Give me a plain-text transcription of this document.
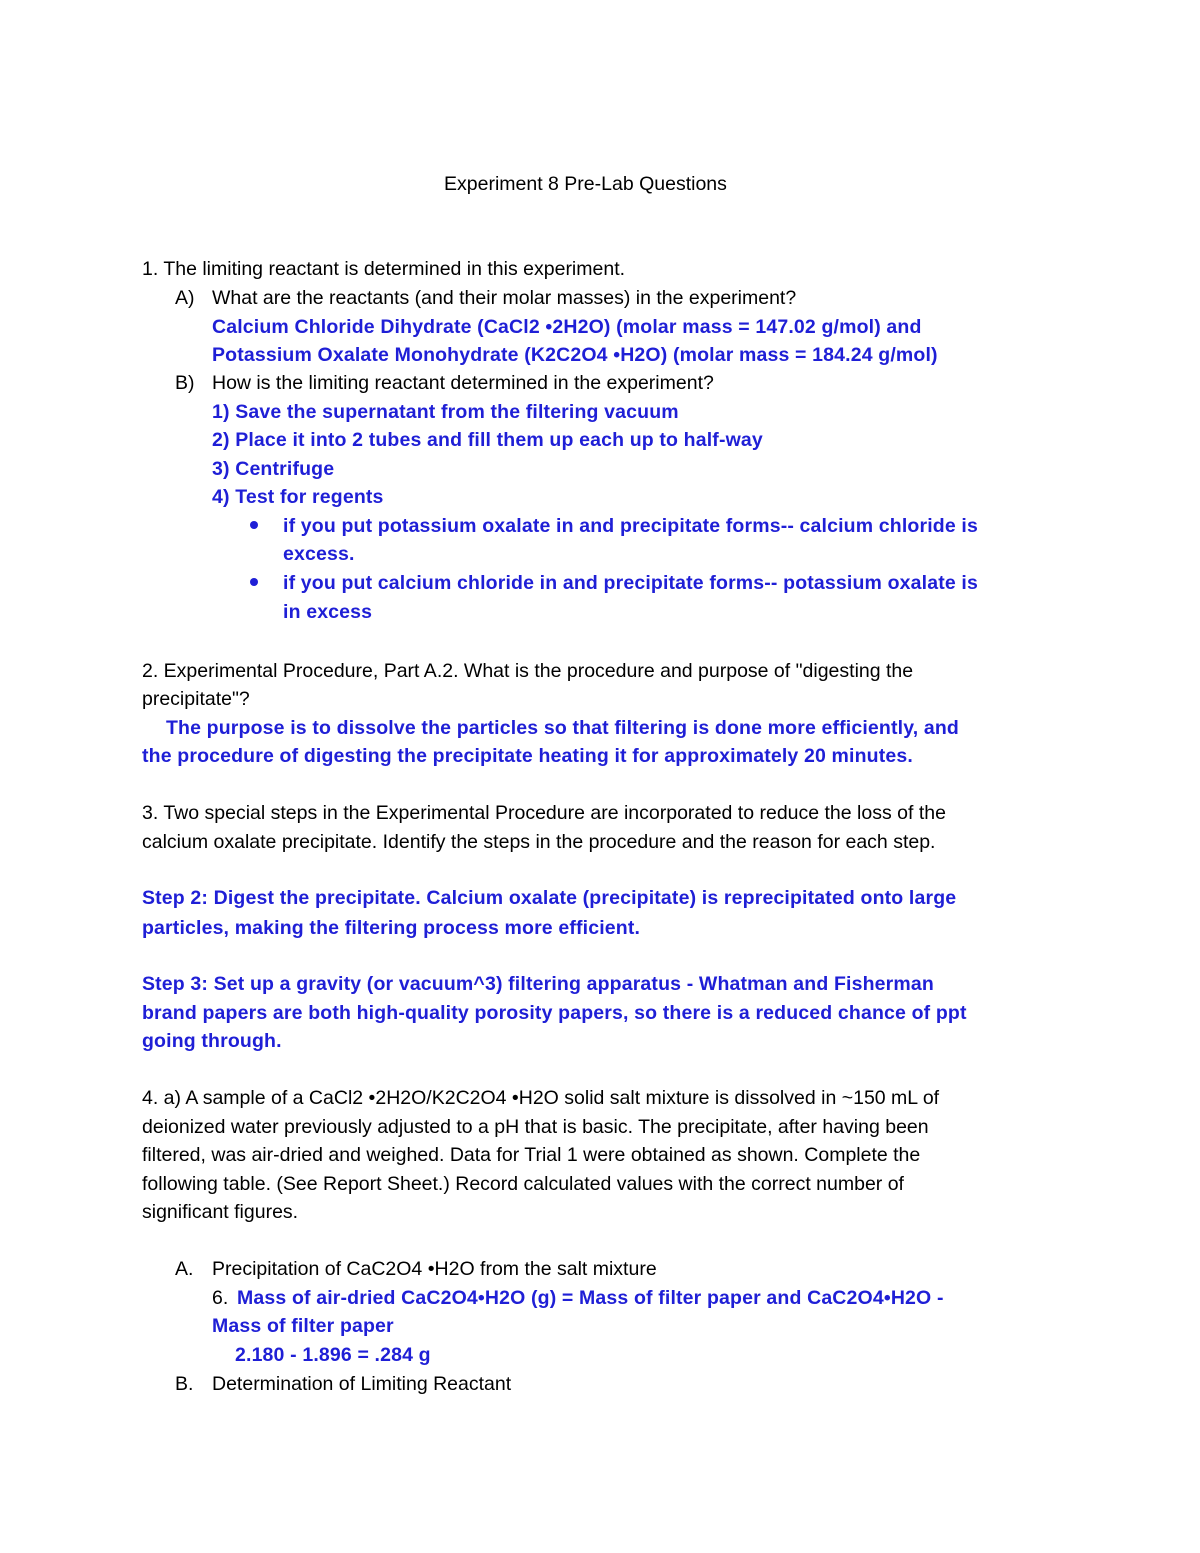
Experiment 8 Pre-Lab Questions
1. The limiting reactant is determined in this experiment.
A) What are the reactants (and their molar masses) in the experiment?
Calcium Chloride Dihydrate (CaCl2 •2H2O) (molar mass = 147.02 g/mol) and
Potassium Oxalate Monohydrate (K2C2O4 •H2O) (molar mass = 184.24 g/mol)
B) How is the limiting reactant determined in the experiment?
1) Save the supernatant from the filtering vacuum
2) Place it into 2 tubes and fill them up each up to half-way
3) Centrifuge
4) Test for regents
if you put potassium oxalate in and precipitate forms-- calcium chloride is
excess.
if you put calcium chloride in and precipitate forms-- potassium oxalate is
in excess
2. Experimental Procedure, Part A.2. What is the procedure and purpose of "digesting the
precipitate"?
The purpose is to dissolve the particles so that filtering is done more efficiently, and
the procedure of digesting the precipitate heating it for approximately 20 minutes.
3. Two special steps in the Experimental Procedure are incorporated to reduce the loss of the
calcium oxalate precipitate. Identify the steps in the procedure and the reason for each step.
Step 2: Digest the precipitate. Calcium oxalate (precipitate) is reprecipitated onto large
particles, making the filtering process more efficient.
Step 3: Set up a gravity (or vacuum^3) filtering apparatus - Whatman and Fisherman
brand papers are both high-quality porosity papers, so there is a reduced chance of ppt
going through.
4. a) A sample of a CaCl2 •2H2O/K2C2O4 •H2O solid salt mixture is dissolved in ~150 mL of
deionized water previously adjusted to a pH that is basic. The precipitate, after having been
filtered, was air-dried and weighed. Data for Trial 1 were obtained as shown. Complete the
following table. (See Report Sheet.) Record calculated values with the correct number of
significant figures.
A. Precipitation of CaC2O4 •H2O from the salt mixture
6. Mass of air-dried CaC2O4•H2O (g) = Mass of filter paper and CaC2O4•H2O -
Mass of filter paper
2.180 - 1.896 = .284 g
B. Determination of Limiting Reactant
